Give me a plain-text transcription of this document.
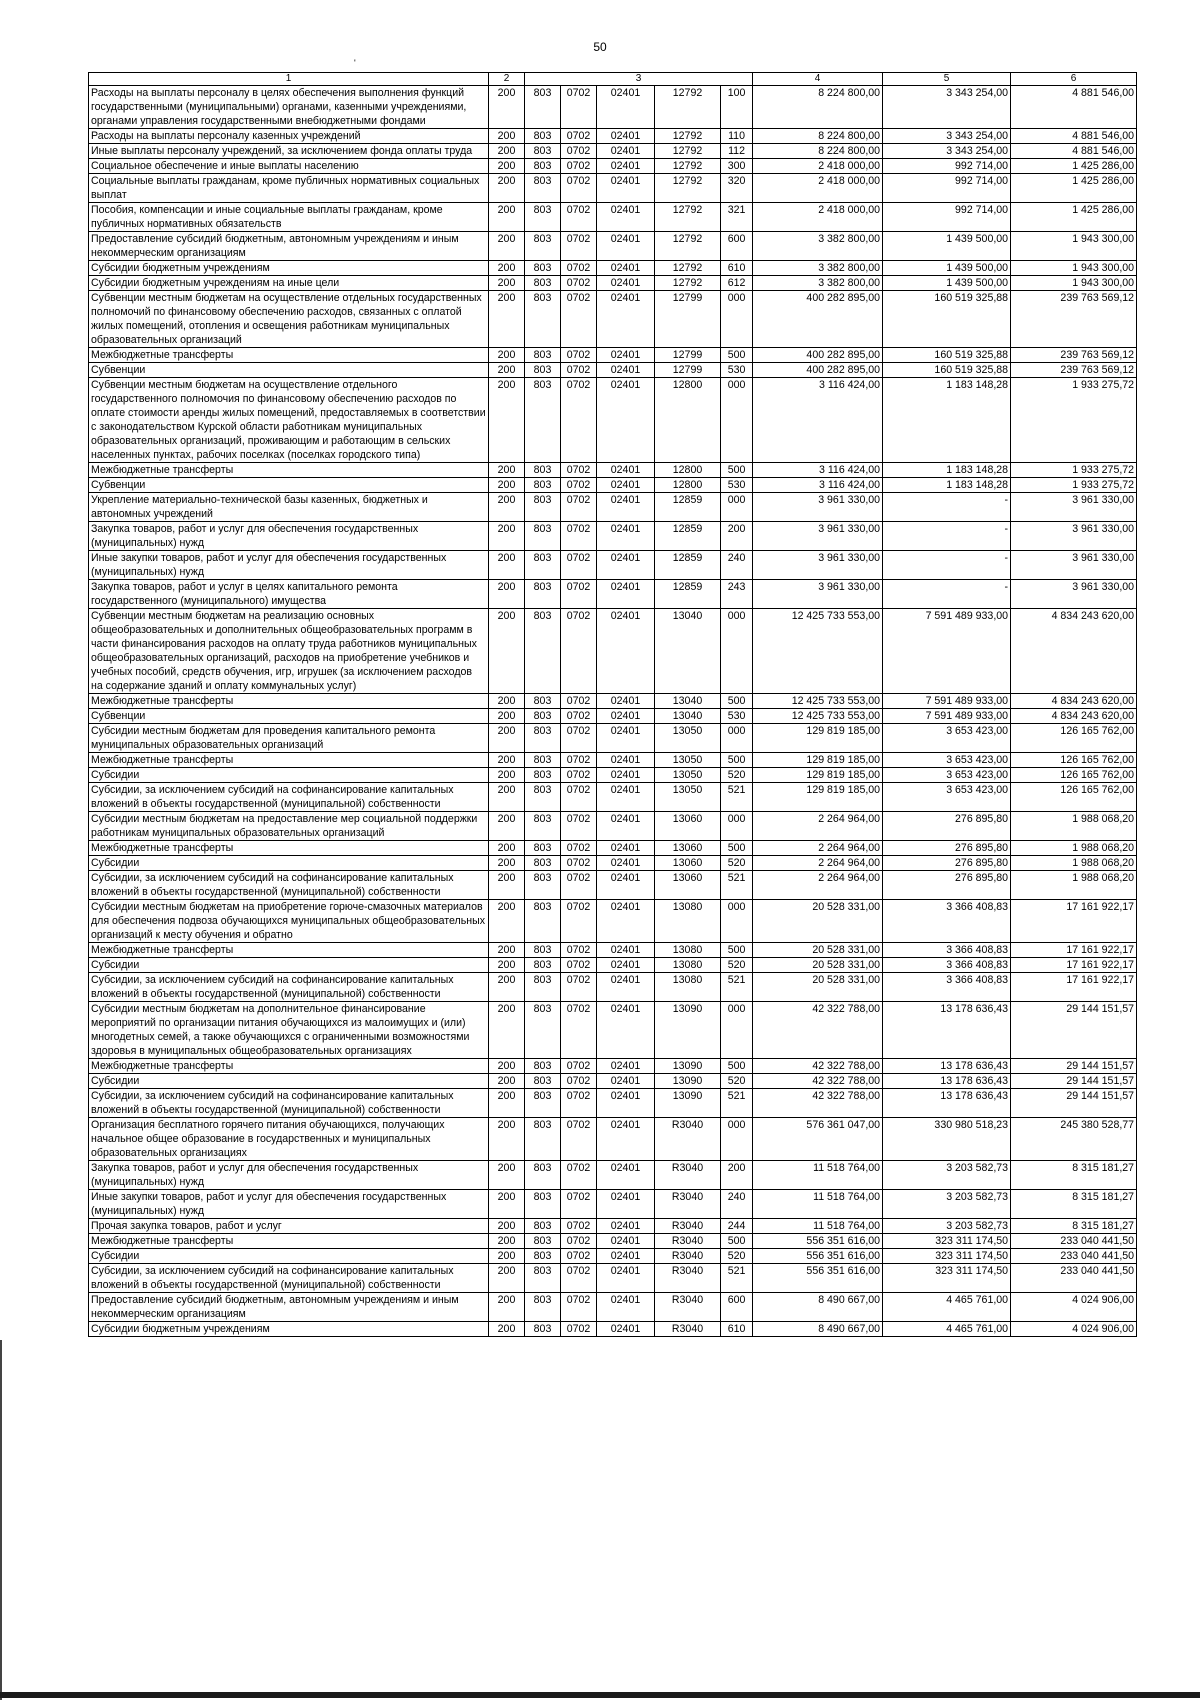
50
'
1	2	3					4	5	6
Расходы на выплаты персоналу в целях обеспечения выполнения функций государственными (муниципальными) органами, казенными учреждениями, органами управления государственными внебюджетными фондами	200	803	0702	02401	12792	100	8 224 800,00	3 343 254,00	4 881 546,00
Расходы на выплаты персоналу казенных учреждений	200	803	0702	02401	12792	110	8 224 800,00	3 343 254,00	4 881 546,00
Иные выплаты персоналу учреждений, за исключением фонда оплаты труда	200	803	0702	02401	12792	112	8 224 800,00	3 343 254,00	4 881 546,00
Социальное обеспечение и иные выплаты населению	200	803	0702	02401	12792	300	2 418 000,00	992 714,00	1 425 286,00
Социальные выплаты гражданам, кроме публичных нормативных социальных выплат	200	803	0702	02401	12792	320	2 418 000,00	992 714,00	1 425 286,00
Пособия, компенсации и иные социальные выплаты гражданам, кроме публичных нормативных обязательств	200	803	0702	02401	12792	321	2 418 000,00	992 714,00	1 425 286,00
Предоставление субсидий бюджетным, автономным учреждениям и иным некоммерческим организациям	200	803	0702	02401	12792	600	3 382 800,00	1 439 500,00	1 943 300,00
Субсидии бюджетным учреждениям	200	803	0702	02401	12792	610	3 382 800,00	1 439 500,00	1 943 300,00
Субсидии бюджетным учреждениям на иные цели	200	803	0702	02401	12792	612	3 382 800,00	1 439 500,00	1 943 300,00
Субвенции местным бюджетам на осуществление отдельных государственных полномочий по финансовому обеспечению расходов, связанных с оплатой жилых помещений, отопления и освещения работникам муниципальных образовательных организаций	200	803	0702	02401	12799	000	400 282 895,00	160 519 325,88	239 763 569,12
Межбюджетные трансферты	200	803	0702	02401	12799	500	400 282 895,00	160 519 325,88	239 763 569,12
Субвенции	200	803	0702	02401	12799	530	400 282 895,00	160 519 325,88	239 763 569,12
Субвенции местным бюджетам на осуществление отдельного государственного полномочия по финансовому обеспечению расходов по оплате стоимости аренды жилых помещений, предоставляемых в соответствии с законодательством Курской области работникам муниципальных образовательных организаций, проживающим и работающим в сельских населенных пунктах, рабочих поселках (поселках городского типа)	200	803	0702	02401	12800	000	3 116 424,00	1 183 148,28	1 933 275,72
Межбюджетные трансферты	200	803	0702	02401	12800	500	3 116 424,00	1 183 148,28	1 933 275,72
Субвенции	200	803	0702	02401	12800	530	3 116 424,00	1 183 148,28	1 933 275,72
Укрепление материально-технической базы казенных, бюджетных и автономных учреждений	200	803	0702	02401	12859	000	3 961 330,00	-	3 961 330,00
Закупка товаров, работ и услуг для обеспечения государственных (муниципальных) нужд	200	803	0702	02401	12859	200	3 961 330,00	-	3 961 330,00
Иные закупки товаров, работ и услуг для обеспечения государственных (муниципальных) нужд	200	803	0702	02401	12859	240	3 961 330,00	-	3 961 330,00
Закупка товаров, работ и услуг в целях капитального ремонта государственного (муниципального) имущества	200	803	0702	02401	12859	243	3 961 330,00	-	3 961 330,00
Субвенции местным бюджетам на реализацию основных общеобразовательных и дополнительных общеобразовательных программ в части финансирования расходов на оплату труда работников муниципальных общеобразовательных организаций, расходов на приобретение учебников и учебных пособий, средств обучения, игр, игрушек (за исключением расходов на содержание зданий и оплату коммунальных услуг)	200	803	0702	02401	13040	000	12 425 733 553,00	7 591 489 933,00	4 834 243 620,00
Межбюджетные трансферты	200	803	0702	02401	13040	500	12 425 733 553,00	7 591 489 933,00	4 834 243 620,00
Субвенции	200	803	0702	02401	13040	530	12 425 733 553,00	7 591 489 933,00	4 834 243 620,00
Субсидии местным бюджетам для проведения капитального ремонта муниципальных образовательных организаций	200	803	0702	02401	13050	000	129 819 185,00	3 653 423,00	126 165 762,00
Межбюджетные трансферты	200	803	0702	02401	13050	500	129 819 185,00	3 653 423,00	126 165 762,00
Субсидии	200	803	0702	02401	13050	520	129 819 185,00	3 653 423,00	126 165 762,00
Субсидии, за исключением субсидий на софинансирование капитальных вложений в объекты государственной (муниципальной) собственности	200	803	0702	02401	13050	521	129 819 185,00	3 653 423,00	126 165 762,00
Субсидии местным бюджетам на предоставление мер социальной поддержки работникам муниципальных образовательных организаций	200	803	0702	02401	13060	000	2 264 964,00	276 895,80	1 988 068,20
Межбюджетные трансферты	200	803	0702	02401	13060	500	2 264 964,00	276 895,80	1 988 068,20
Субсидии	200	803	0702	02401	13060	520	2 264 964,00	276 895,80	1 988 068,20
Субсидии, за исключением субсидий на софинансирование капитальных вложений в объекты государственной (муниципальной) собственности	200	803	0702	02401	13060	521	2 264 964,00	276 895,80	1 988 068,20
Субсидии местным бюджетам на приобретение горюче-смазочных материалов для обеспечения подвоза обучающихся муниципальных общеобразовательных организаций к месту обучения и обратно	200	803	0702	02401	13080	000	20 528 331,00	3 366 408,83	17 161 922,17
Межбюджетные трансферты	200	803	0702	02401	13080	500	20 528 331,00	3 366 408,83	17 161 922,17
Субсидии	200	803	0702	02401	13080	520	20 528 331,00	3 366 408,83	17 161 922,17
Субсидии, за исключением субсидий на софинансирование капитальных вложений в объекты государственной (муниципальной) собственности	200	803	0702	02401	13080	521	20 528 331,00	3 366 408,83	17 161 922,17
Субсидии местным бюджетам на дополнительное финансирование мероприятий по организации питания обучающихся из малоимущих и (или) многодетных семей, а также обучающихся с ограниченными возможностями здоровья в муниципальных общеобразовательных организациях	200	803	0702	02401	13090	000	42 322 788,00	13 178 636,43	29 144 151,57
Межбюджетные трансферты	200	803	0702	02401	13090	500	42 322 788,00	13 178 636,43	29 144 151,57
Субсидии	200	803	0702	02401	13090	520	42 322 788,00	13 178 636,43	29 144 151,57
Субсидии, за исключением субсидий на софинансирование капитальных вложений в объекты государственной (муниципальной) собственности	200	803	0702	02401	13090	521	42 322 788,00	13 178 636,43	29 144 151,57
Организация бесплатного горячего питания обучающихся, получающих начальное общее образование в государственных и муниципальных образовательных организациях	200	803	0702	02401	R3040	000	576 361 047,00	330 980 518,23	245 380 528,77
Закупка товаров, работ и услуг для обеспечения государственных (муниципальных) нужд	200	803	0702	02401	R3040	200	11 518 764,00	3 203 582,73	8 315 181,27
Иные закупки товаров, работ и услуг для обеспечения государственных (муниципальных) нужд	200	803	0702	02401	R3040	240	11 518 764,00	3 203 582,73	8 315 181,27
Прочая закупка товаров, работ и услуг	200	803	0702	02401	R3040	244	11 518 764,00	3 203 582,73	8 315 181,27
Межбюджетные трансферты	200	803	0702	02401	R3040	500	556 351 616,00	323 311 174,50	233 040 441,50
Субсидии	200	803	0702	02401	R3040	520	556 351 616,00	323 311 174,50	233 040 441,50
Субсидии, за исключением субсидий на софинансирование капитальных вложений в объекты государственной (муниципальной) собственности	200	803	0702	02401	R3040	521	556 351 616,00	323 311 174,50	233 040 441,50
Предоставление субсидий бюджетным, автономным учреждениям и иным некоммерческим организациям	200	803	0702	02401	R3040	600	8 490 667,00	4 465 761,00	4 024 906,00
Субсидии бюджетным учреждениям	200	803	0702	02401	R3040	610	8 490 667,00	4 465 761,00	4 024 906,00
